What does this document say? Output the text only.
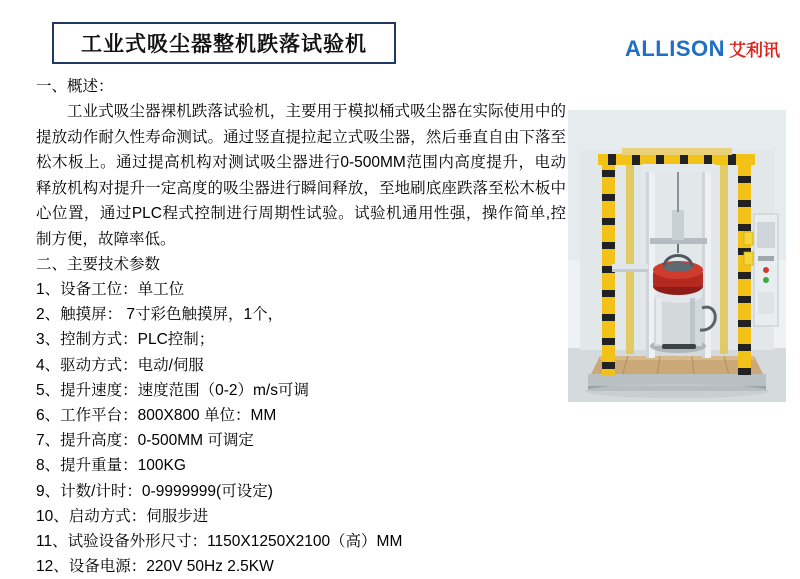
工业式吸尘器整机跌落试验机	ALLISON 艾利讯
一、概述：
工业式吸尘器裸机跌落试验机，主要用于模拟桶式吸尘器在实际使用中的提放动作耐久性寿命测试。通过竖直提拉起立式吸尘器，然后垂直自由下落至松木板上。通过提高机构对测试吸尘器进行0-500MM范围内高度提升，电动释放机构对提升一定高度的吸尘器进行瞬间释放，至地刷底座跌落至松木板中心位置，通过PLC程式控制进行周期性试验。试验机通用性强，操作简单,控制方便，故障率低。
二、主要技术参数
1、设备工位：单工位
2、触摸屏： 7寸彩色触摸屏，1个，
3、控制方式：PLC控制；
4、驱动方式：电动/伺服
5、提升速度：速度范围（0-2）m/s可调
6、工作平台：800X800 单位：MM
7、提升高度：0-500MM 可调定
8、提升重量：100KG
9、计数/计时：0-9999999(可设定)
10、启动方式：伺服步进
11、试验设备外形尺寸：1150X1250X2100（高）MM
12、设备电源：220V 50Hz 2.5KW
